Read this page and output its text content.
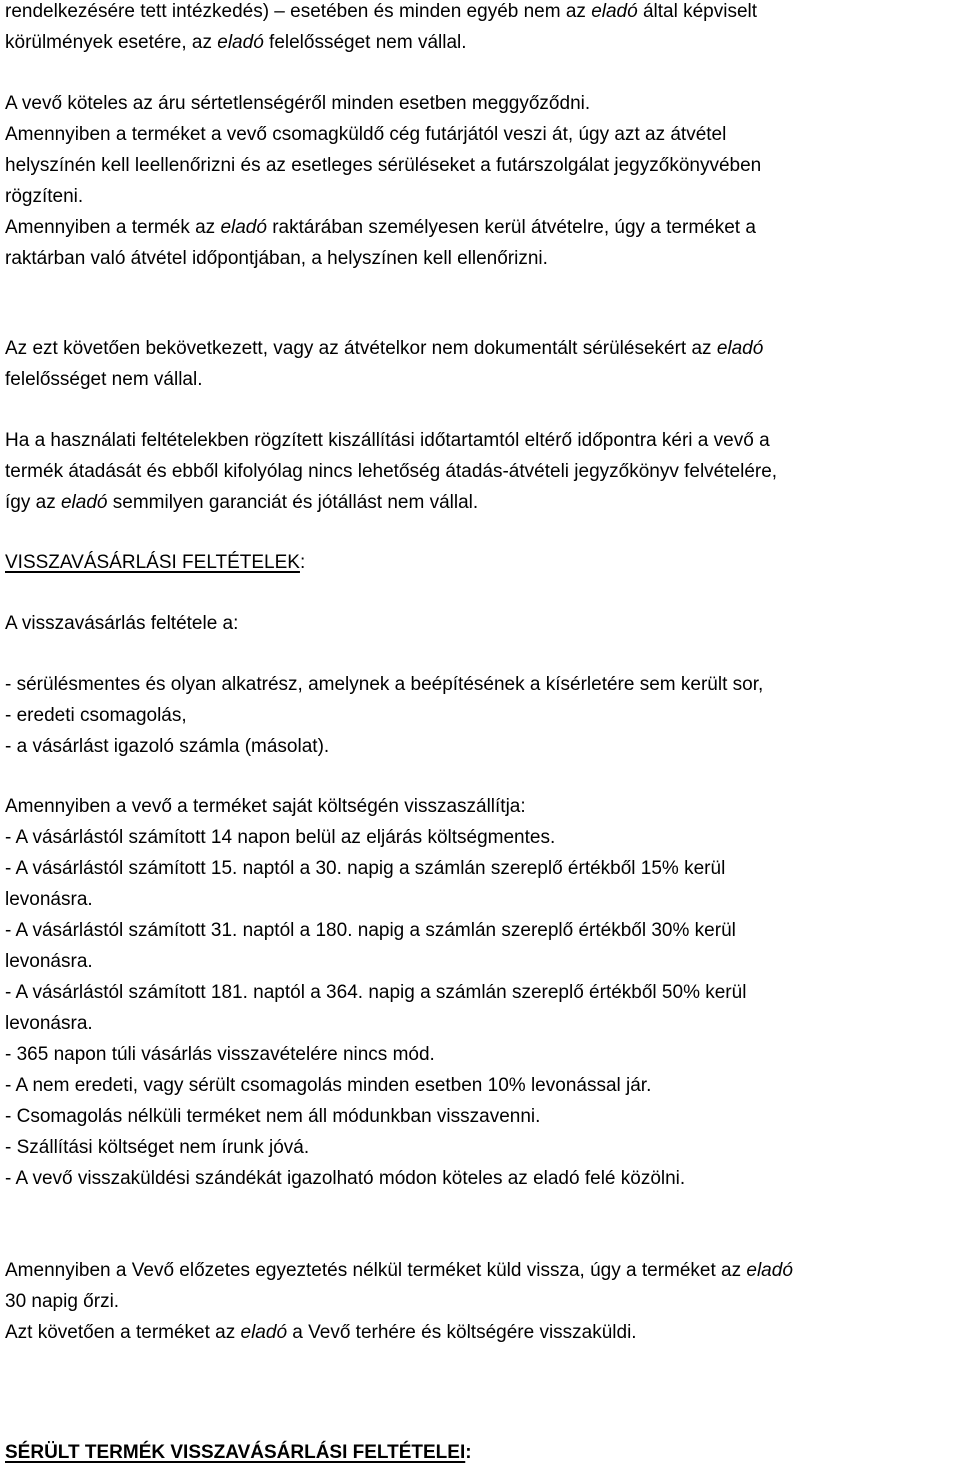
rendelkezésére tett intézkedés) – esetében és minden egyéb nem az eladó által képviselt
körülmények esetére, az eladó felelősséget nem vállal.
A vevő köteles az áru sértetlenségéről minden esetben meggyőződni.
Amennyiben a terméket a vevő csomagküldő cég futárjától veszi át, úgy azt az átvétel
helyszínén kell leellenőrizni és az esetleges sérüléseket a futárszolgálat jegyzőkönyvében
rögzíteni.
Amennyiben a termék az eladó raktárában személyesen kerül átvételre, úgy a terméket a
raktárban való átvétel időpontjában, a helyszínen kell ellenőrizni.
Az ezt követően bekövetkezett, vagy az átvételkor nem dokumentált sérülésekért az eladó
felelősséget nem vállal.
Ha a használati feltételekben rögzített kiszállítási időtartamtól eltérő időpontra kéri a vevő a
termék átadását és ebből kifolyólag nincs lehetőség átadás-átvételi jegyzőkönyv felvételére,
így az eladó semmilyen garanciát és jótállást nem vállal.
VISSZAVÁSÁRLÁSI FELTÉTELEK:
A visszavásárlás feltétele a:
- sérülésmentes és olyan alkatrész, amelynek a beépítésének a kísérletére sem került sor,
- eredeti csomagolás,
- a vásárlást igazoló számla (másolat).
Amennyiben a vevő a terméket saját költségén visszaszállítja:
- A vásárlástól számított 14 napon belül az eljárás költségmentes.
- A vásárlástól számított 15. naptól a 30. napig a számlán szereplő értékből 15% kerül
levonásra.
- A vásárlástól számított 31. naptól a 180. napig a számlán szereplő értékből 30% kerül
levonásra.
- A vásárlástól számított 181. naptól a 364. napig a számlán szereplő értékből 50% kerül
levonásra.
- 365 napon túli vásárlás visszavételére nincs mód.
- A nem eredeti, vagy sérült csomagolás minden esetben 10% levonással jár.
- Csomagolás nélküli terméket nem áll módunkban visszavenni.
- Szállítási költséget nem írunk jóvá.
- A vevő visszaküldési szándékát igazolható módon köteles az eladó felé közölni.
Amennyiben a Vevő előzetes egyeztetés nélkül terméket küld vissza, úgy a terméket az eladó
30 napig őrzi.
Azt követően a terméket az eladó a Vevő terhére és költségére visszaküldi.
SÉRÜLT TERMÉK VISSZAVÁSÁRLÁSI FELTÉTELEI:
